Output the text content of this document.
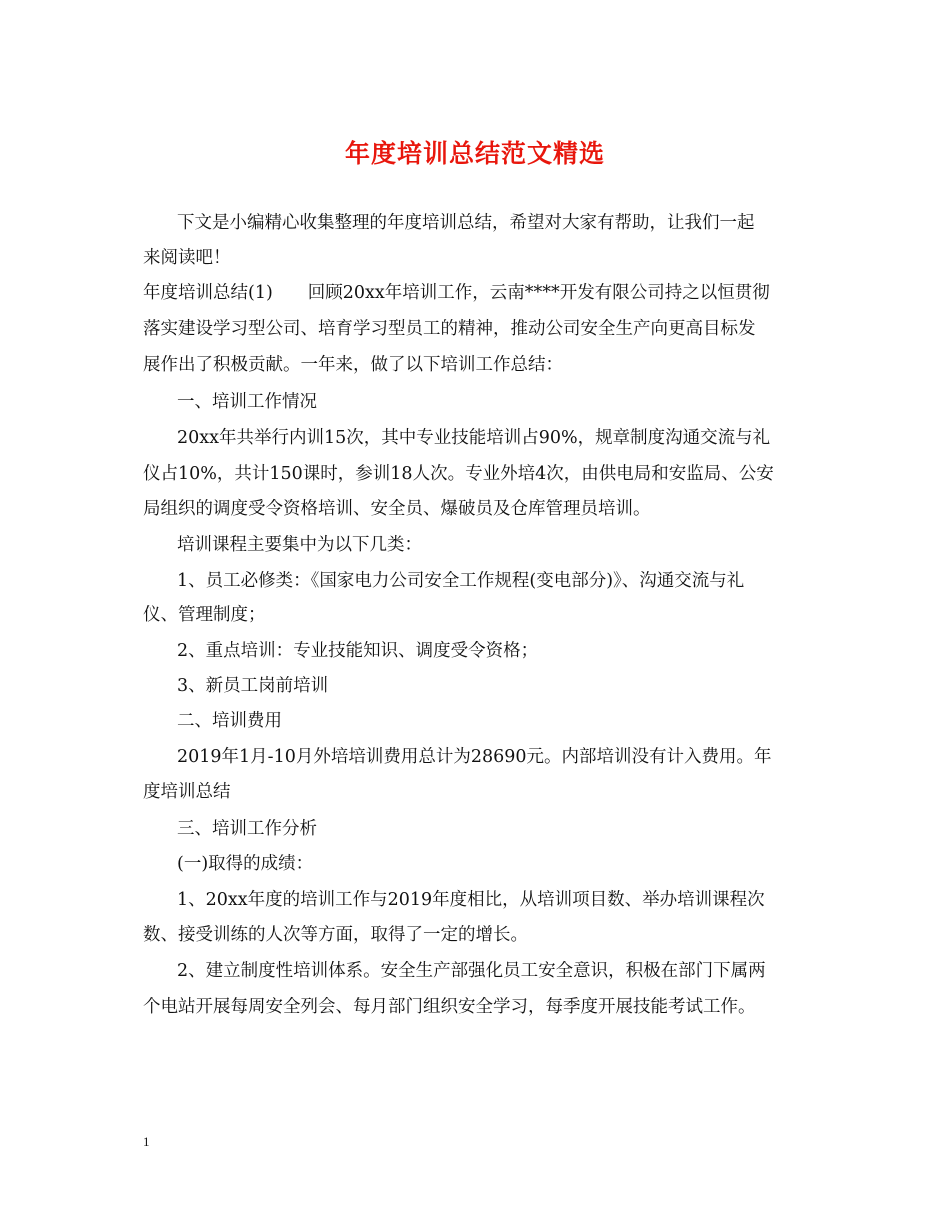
年度培训总结范文精选
下文是小编精心收集整理的年度培训总结，希望对大家有帮助，让我们一起
来阅读吧！
年度培训总结(1)　　回顾20xx年培训工作，云南****开发有限公司持之以恒贯彻
落实建设学习型公司、培育学习型员工的精神，推动公司安全生产向更高目标发
展作出了积极贡献。一年来，做了以下培训工作总结：
一、培训工作情况
20xx年共举行内训15次，其中专业技能培训占90%，规章制度沟通交流与礼
仪占10%，共计150课时，参训18人次。专业外培4次，由供电局和安监局、公安
局组织的调度受令资格培训、安全员、爆破员及仓库管理员培训。
培训课程主要集中为以下几类：
1、员工必修类：《国家电力公司安全工作规程(变电部分)》、沟通交流与礼
仪、管理制度；
2、重点培训：专业技能知识、调度受令资格；
3、新员工岗前培训
二、培训费用
2019年1月-10月外培培训费用总计为28690元。内部培训没有计入费用。年
度培训总结
三、培训工作分析
(一)取得的成绩：
1、20xx年度的培训工作与2019年度相比，从培训项目数、举办培训课程次
数、接受训练的人次等方面，取得了一定的增长。
2、建立制度性培训体系。安全生产部强化员工安全意识，积极在部门下属两
个电站开展每周安全列会、每月部门组织安全学习，每季度开展技能考试工作。
1
